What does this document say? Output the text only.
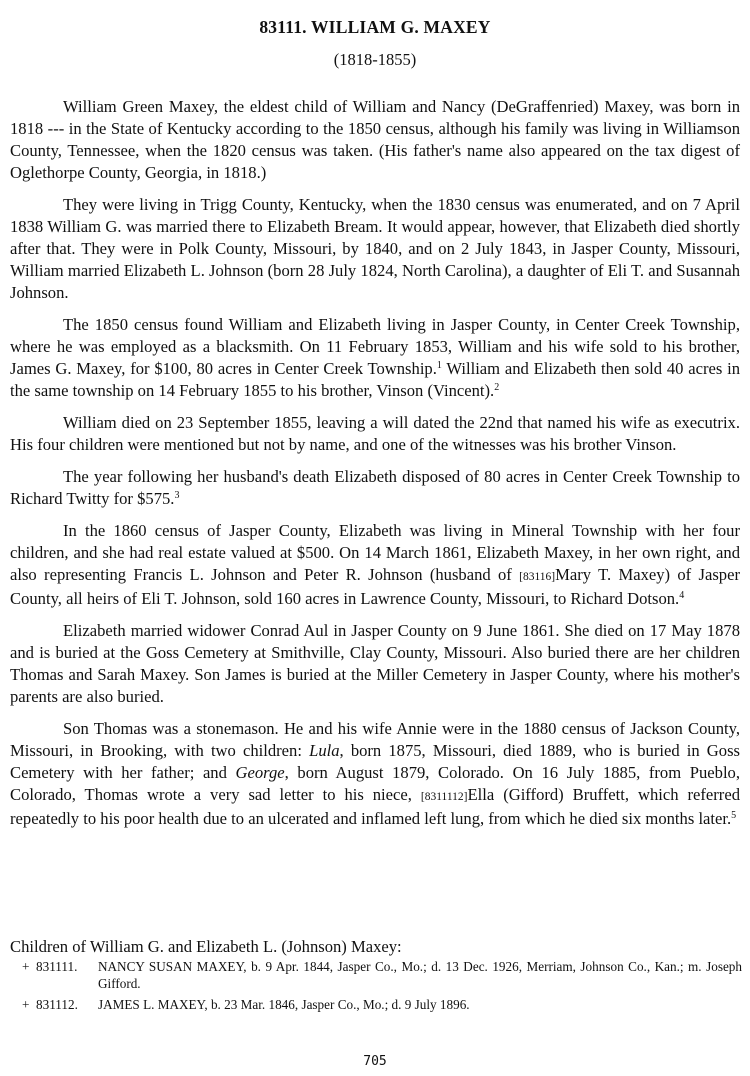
83111. WILLIAM G. MAXEY
(1818-1855)

William Green Maxey, the eldest child of William and Nancy (DeGraffenried) Maxey, was born in 1818 --- in the State of Kentucky according to the 1850 census, although his family was living in Williamson County, Tennessee, when the 1820 census was taken. (His father's name also appeared on the tax digest of Oglethorpe County, Georgia, in 1818.)

They were living in Trigg County, Kentucky, when the 1830 census was enumerated, and on 7 April 1838 William G. was married there to Elizabeth Bream. It would appear, however, that Elizabeth died shortly after that. They were in Polk County, Missouri, by 1840, and on 2 July 1843, in Jasper County, Missouri, William married Elizabeth L. Johnson (born 28 July 1824, North Carolina), a daughter of Eli T. and Susannah Johnson.

The 1850 census found William and Elizabeth living in Jasper County, in Center Creek Township, where he was employed as a blacksmith. On 11 February 1853, William and his wife sold to his brother, James G. Maxey, for $100, 80 acres in Center Creek Township.$^1$ William and Elizabeth then sold 40 acres in the same township on 14 February 1855 to his brother, Vinson (Vincent).$^2$

William died on 23 September 1855, leaving a will dated the 22nd that named his wife as executrix. His four children were mentioned but not by name, and one of the witnesses was his brother Vinson.

The year following her husband's death Elizabeth disposed of 80 acres in Center Creek Township to Richard Twitty for $575.$^3$

In the 1860 census of Jasper County, Elizabeth was living in Mineral Township with her four children, and she had real estate valued at $500. On 14 March 1861, Elizabeth Maxey, in her own right, and also representing Francis L. Johnson and Peter R. Johnson (husband of [83116]Mary T. Maxey) of Jasper County, all heirs of Eli T. Johnson, sold 160 acres in Lawrence County, Missouri, to Richard Dotson.$^4$

Elizabeth married widower Conrad Aul in Jasper County on 9 June 1861. She died on 17 May 1878 and is buried at the Goss Cemetery at Smithville, Clay County, Missouri. Also buried there are her children Thomas and Sarah Maxey. Son James is buried at the Miller Cemetery in Jasper County, where his mother's parents are also buried.

Son Thomas was a stonemason. He and his wife Annie were in the 1880 census of Jackson County, Missouri, in Brooking, with two children: Lula, born 1875, Missouri, died 1889, who is buried in Goss Cemetery with her father; and George, born August 1879, Colorado. On 16 July 1885, from Pueblo, Colorado, Thomas wrote a very sad letter to his niece, [8311112]Ella (Gifford) Bruffett, which referred repeatedly to his poor health due to an ulcerated and inflamed left lung, from which he died six months later.$^5$

Children of William G. and Elizabeth L. (Johnson) Maxey:
+ 831111. NANCY SUSAN MAXEY, b. 9 Apr. 1844, Jasper Co., Mo.; d. 13 Dec. 1926, Merriam, Johnson Co., Kan.; m. Joseph Gifford.
+ 831112. JAMES L. MAXEY, b. 23 Mar. 1846, Jasper Co., Mo.; d. 9 July 1896.
705
